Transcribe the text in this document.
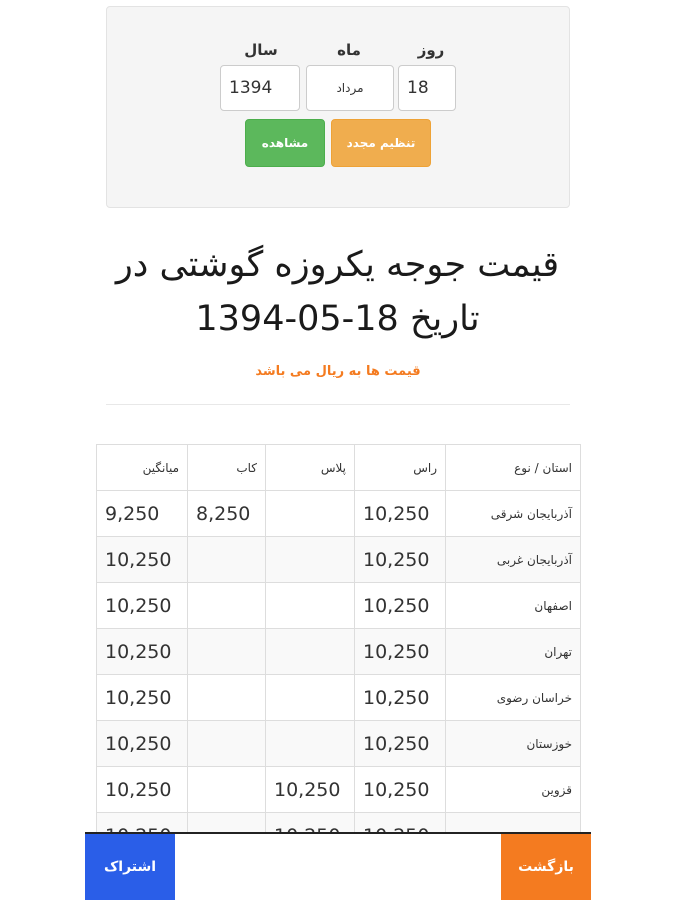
سال	ماه	روز
1394	مرداد	18
مشاهده	تنظیم مجدد
قیمت جوجه یکروزه گوشتی در تاریخ 1394-05-18
قیمت ها به ریال می باشد
استان / نوع	راس	پلاس	کاب	میانگین
آذربایجان شرقی	10,250		8,250	9,250
آذربایجان غربی	10,250			10,250
اصفهان	10,250			10,250
تهران	10,250			10,250
خراسان رضوی	10,250			10,250
خوزستان	10,250			10,250
قزوین	10,250	10,250		10,250

اشتراک	بازگشت
